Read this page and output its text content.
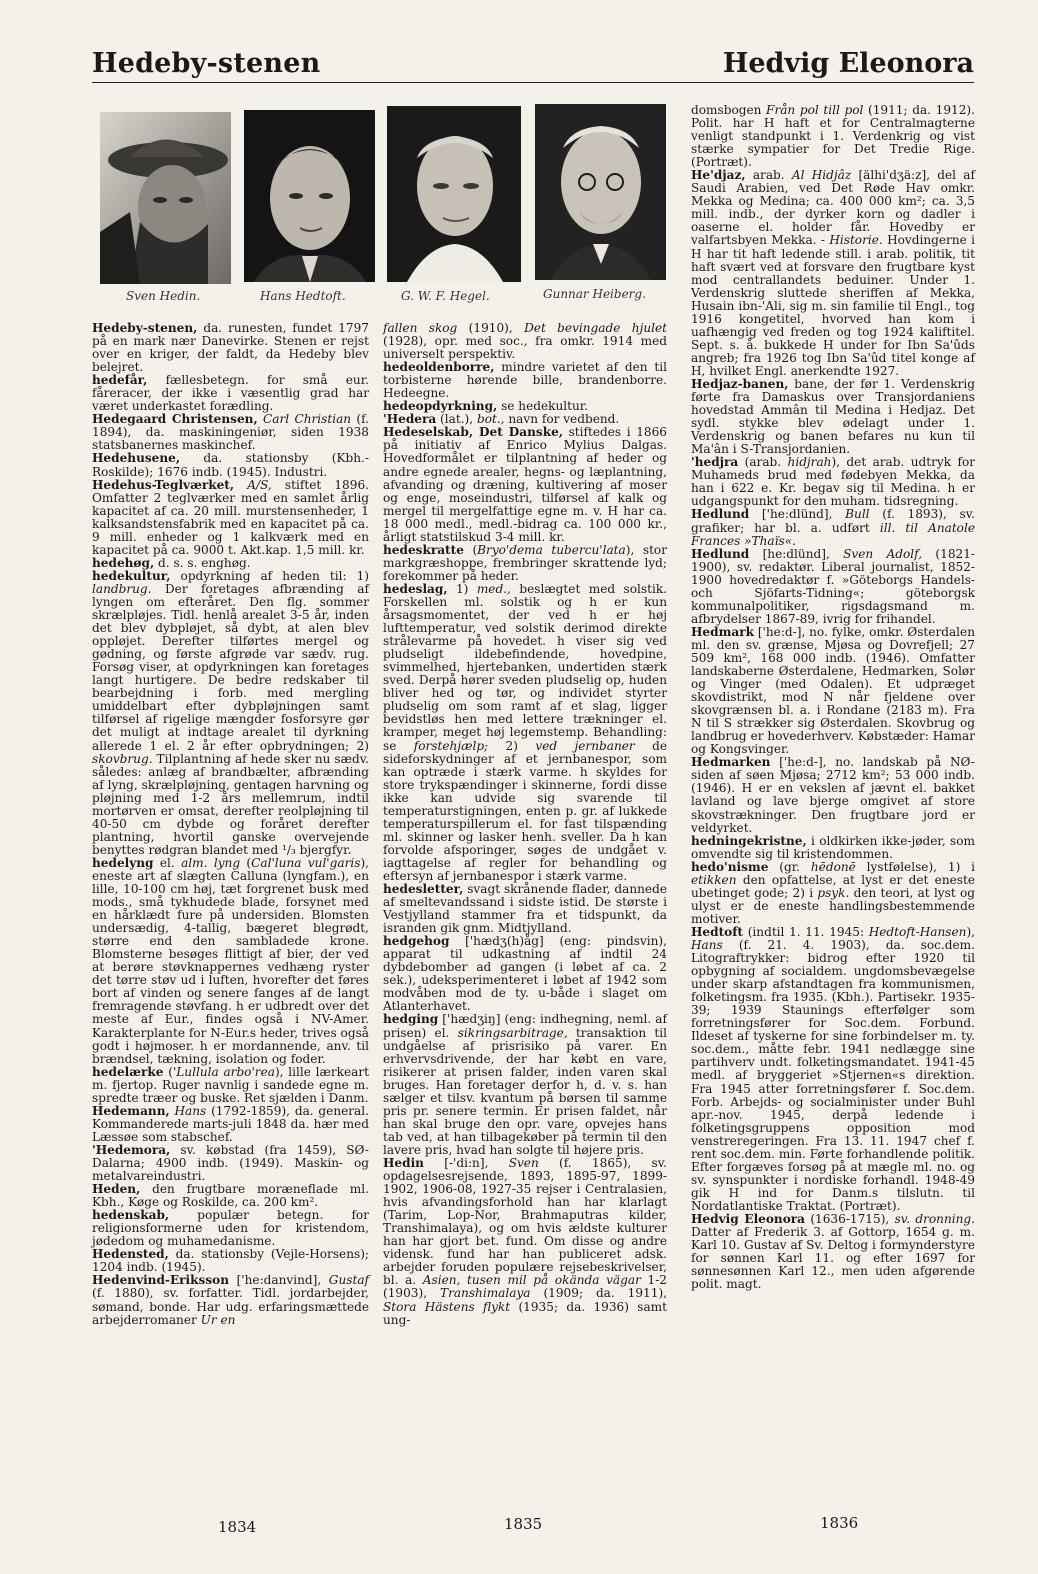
Hedeby-stenen	Hedvig Eleonora
Sven Hedin.	Hans Hedtoft.	G. W. F. Hegel.	Gunnar Heiberg.

Hedeby-stenen, da. runesten, fundet 1797 på en mark nær Danevirke. Stenen er rejst over en kriger, der faldt, da Hedeby blev belejret.

hedefår, fællesbetegn. for små eur. fåreracer, der ikke i væsentlig grad har været underkastet forædling.

Hedegaard Christensen, Carl Christian (f. 1894), da. maskiningeniør, siden 1938 statsbanernes maskinchef.

Hedehusene, da. stationsby (Kbh.-Roskilde); 1676 indb. (1945). Industri.

Hedehus-Teglværket, A/S, stiftet 1896. Omfatter 2 teglværker med en samlet årlig kapacitet af ca. 20 mill. murstensenheder, 1 kalksandstensfabrik med en kapacitet på ca. 9 mill. enheder og 1 kalkværk med en kapacitet på ca. 9000 t. Akt.kap. 1,5 mill. kr.

hedehøg, d. s. s. enghøg.

hedekultur, opdyrkning af heden til: 1) landbrug. Der foretages afbrænding af lyngen om efteråret. Den flg. sommer skrælpløjes. Tidl. henlå arealet 3-5 år, inden det blev dybpløjet, så dybt, at alen blev oppløjet. Derefter tilførtes mergel og gødning, og første afgrøde var sædv. rug. Forsøg viser, at opdyrkningen kan foretages langt hurtigere. De bedre redskaber til bearbejdning i forb. med mergling umiddelbart efter dybpløjningen samt tilførsel af rigelige mængder fosforsyre gør det muligt at indtage arealet til dyrkning allerede 1 el. 2 år efter opbrydningen; 2) skovbrug. Tilplantning af hede sker nu sædv. således: anlæg af brandbælter, afbrænding af lyng, skrælpløjning, gentagen harvning og pløjning med 1-2 års mellemrum, indtil mortørven er omsat, derefter reolpløjning til 40-50 cm dybde og foråret derefter plantning, hvortil ganske overvejende benyttes rødgran blandet med ¹/₃ bjergfyr.

hedelyng el. alm. lyng (Cal'luna vul'garis), eneste art af slægten Calluna (lyngfam.), en lille, 10-100 cm høj, tæt forgrenet busk med mods., små tykhudede blade, forsynet med en hårklædt fure på undersiden. Blomsten undersædig, 4-tallig, bægeret blegrødt, større end den sambladede krone. Blomsterne besøges flittigt af bier, der ved at berøre støvknappernes vedhæng ryster det tørre støv ud i luften, hvorefter det føres bort af vinden og senere fanges af de langt fremragende støvfang. h er udbredt over det meste af Eur., findes også i NV-Amer. Karakterplante for N-Eur.s heder, trives også godt i højmoser. h er mordannende, anv. til brændsel, tækning, isolation og foder.

hedelærke ('Lullula arbo'rea), lille lærkeart m. fjertop. Ruger navnlig i sandede egne m. spredte træer og buske. Ret sjælden i Danm.

Hedemann, Hans (1792-1859), da. general. Kommanderede marts-juli 1848 da. hær med Læssøe som stabschef.

'Hedemora, sv. købstad (fra 1459), SØ-Dalarna; 4900 indb. (1949). Maskin- og metalvareindustri.

Heden, den frugtbare moræneflade ml. Kbh., Køge og Roskilde, ca. 200 km².

hedenskab, populær betegn. for religionsformerne uden for kristendom, jødedom og muhamedanisme.

Hedensted, da. stationsby (Vejle-Horsens); 1204 indb. (1945).

Hedenvind-Eriksson ['he:danvind], Gustaf (f. 1880), sv. forfatter. Tidl. jordarbejder, sømand, bonde. Har udg. erfaringsmættede arbejderromaner Ur en

fallen skog (1910), Det bevingade hjulet (1928), opr. med soc., fra omkr. 1914 med universelt perspektiv.

hedeoldenborre, mindre varietet af den til torbisterne hørende bille, brandenborre. Hedeegne.

hedeopdyrkning, se hedekultur.

'Hedera (lat.), bot., navn for vedbend.

Hedeselskab, Det Danske, stiftedes i 1866 på initiativ af Enrico Mylius Dalgas. Hovedformålet er tilplantning af heder og andre egnede arealer, hegns- og læplantning, afvanding og dræning, kultivering af moser og enge, moseindustri, tilførsel af kalk og mergel til mergelfattige egne m. v. H har ca. 18 000 medl., medl.-bidrag ca. 100 000 kr., årligt statstilskud 3-4 mill. kr.

hedeskratte (Bryo'dema tubercu'lata), stor markgræshoppe, frembringer skrattende lyd; forekommer på heder.

hedeslag, 1) med., beslægtet med solstik. Forskellen ml. solstik og h er kun årsagsmomentet, der ved h er høj lufttemperatur, ved solstik derimod direkte strålevarme på hovedet. h viser sig ved pludseligt ildebefindende, hovedpine, svimmelhed, hjertebanken, undertiden stærk sved. Derpå hører sveden pludselig op, huden bliver hed og tør, og individet styrter pludselig om som ramt af et slag, ligger bevidstløs hen med lettere trækninger el. kramper, meget høj legemstemp. Behandling: se forstehjælp; 2) ved jernbaner de sideforskydninger af et jernbanespor, som kan optræde i stærk varme. h skyldes for store trykspændinger i skinnerne, fordi disse ikke kan udvide sig svarende til temperaturstigningen, enten p. gr. af lukkede temperaturspillerum el. for fast tilspænding ml. skinner og lasker henh. sveller. Da h kan forvolde afsporinger, søges de undgået v. iagttagelse af regler for behandling og eftersyn af jernbanespor i stærk varme.

hedesletter, svagt skrånende flader, dannede af smeltevandssand i sidste istid. De største i Vestjylland stammer fra et tidspunkt, da isranden gik gnm. Midtjylland.

hedgehog ['hædʒ(h)åg] (eng: pindsvin), apparat til udkastning af indtil 24 dybdebomber ad gangen (i løbet af ca. 2 sek.), udeksperimenteret i løbet af 1942 som modvåben mod de ty. u-både i slaget om Atlanterhavet.

hedging ['hædʒiŋ] (eng: indhegning, neml. af prisen) el. sikringsarbitrage, transaktion til undgåelse af prisrisiko på varer. En erhvervsdrivende, der har købt en vare, risikerer at prisen falder, inden varen skal bruges. Han foretager derfor h, d. v. s. han sælger et tilsv. kvantum på børsen til samme pris pr. senere termin. Er prisen faldet, når han skal bruge den opr. vare, opvejes hans tab ved, at han tilbagekøber på termin til den lavere pris, hvad han solgte til højere pris.

Hedin [-'di:n], Sven (f. 1865), sv. opdagelsesrejsende, 1893, 1895-97, 1899-1902, 1906-08, 1927-35 rejser i Centralasien, hvis afvandingsforhold han har klarlagt (Tarim, Lop-Nor, Brahmaputras kilder, Transhimalaya), og om hvis ældste kulturer han har gjort bet. fund. Om disse og andre vidensk. fund har han publiceret adsk. arbejder foruden populære rejsebeskrivelser, bl. a. Asien, tusen mil på okända vägar 1-2 (1903), Transhimalaya (1909; da. 1911), Stora Hästens flykt (1935; da. 1936) samt ung-

domsbogen Från pol till pol (1911; da. 1912). Polit. har H haft et for Centralmagterne venligt standpunkt i 1. Verdenkrig og vist stærke sympatier for Det Tredie Rige. (Portræt).

He'djaz, arab. Al Hidjâz [älhi'dʒä:z], del af Saudi Arabien, ved Det Røde Hav omkr. Mekka og Medina; ca. 400 000 km²; ca. 3,5 mill. indb., der dyrker korn og dadler i oaserne el. holder får. Hovedby er valfartsbyen Mekka. - Historie. Hovdingerne i H har tit haft ledende still. i arab. politik, tit haft svært ved at forsvare den frugtbare kyst mod centrallandets beduiner. Under 1. Verdenskrig sluttede sheriffen af Mekka, Husain ibn-'Ali, sig m. sin familie til Engl., tog 1916 kongetitel, hvorved han kom i uafhængig ved freden og tog 1924 kaliftitel. Sept. s. å. bukkede H under for Ibn Sa'ûds angreb; fra 1926 tog Ibn Sa'ûd titel konge af H, hvilket Engl. anerkendte 1927.

Hedjaz-banen, bane, der før 1. Verdenskrig førte fra Damaskus over Transjordaniens hovedstad Ammân til Medina i Hedjaz. Det sydl. stykke blev ødelagt under 1. Verdenskrig og banen befares nu kun til Ma'ân i S-Transjordanien.

'hedjra (arab. hidjrah), det arab. udtryk for Muhameds brud med fødebyen Mekka, da han i 622 e. Kr. begav sig til Medina. h er udgangspunkt for den muham. tidsregning.

Hedlund ['he:dlünd], Bull (f. 1893), sv. grafiker; har bl. a. udført ill. til Anatole Frances »Thaïs«.

Hedlund [he:dlünd], Sven Adolf, (1821-1900), sv. redaktør. Liberal journalist, 1852-1900 hovedredaktør f. »Göteborgs Handels- och Sjöfarts-Tidning«; göteborgsk kommunalpolitiker, rigsdagsmand m. afbrydelser 1867-89, ivrig for frihandel.

Hedmark ['he:d-], no. fylke, omkr. Østerdalen ml. den sv. grænse, Mjøsa og Dovrefjell; 27 509 km², 168 000 indb. (1946). Omfatter landskaberne Østerdalene, Hedmarken, Solør og Vinger (med Odalen). Et udpræget skovdistrikt, mod N når fjeldene over skovgrænsen bl. a. i Rondane (2183 m). Fra N til S strækker sig Østerdalen. Skovbrug og landbrug er hovederhverv. Købstæder: Hamar og Kongsvinger.

Hedmarken ['he:d-], no. landskab på NØ-siden af søen Mjøsa; 2712 km²; 53 000 indb. (1946). H er en vekslen af jævnt el. bakket lavland og lave bjerge omgivet af store skovstrækninger. Den frugtbare jord er veldyrket.

hedningekristne, i oldkirken ikke-jøder, som omvendte sig til kristendommen.

hedo'nisme (gr. hēdonē lystfølelse), 1) i etikken den opfattelse, at lyst er det eneste ubetinget gode; 2) i psyk. den teori, at lyst og ulyst er de eneste handlingsbestemmende motiver.

Hedtoft (indtil 1. 11. 1945: Hedtoft-Hansen), Hans (f. 21. 4. 1903), da. soc.dem. Litograftrykker: bidrog efter 1920 til opbygning af socialdem. ungdomsbevægelse under skarp afstandtagen fra kommunismen, folketingsm. fra 1935. (Kbh.). Partisekr. 1935-39; 1939 Staunings efterfølger som forretningsfører for Soc.dem. Forbund. Ildeset af tyskerne for sine forbindelser m. ty. soc.dem., måtte febr. 1941 nedlægge sine partihverv undt. folketingsmandatet. 1941-45 medl. af bryggeriet »Stjernen«s direktion. Fra 1945 atter forretningsfører f. Soc.dem. Forb. Arbejds- og socialminister under Buhl apr.-nov. 1945, derpå ledende i folketingsgruppens opposition mod venstreregeringen. Fra 13. 11. 1947 chef f. rent soc.dem. min. Førte forhandlende politik. Efter forgæves forsøg på at mægle ml. no. og sv. synspunkter i nordiske forhandl. 1948-49 gik H ind for Danm.s tilslutn. til Nordatlantiske Traktat. (Portræt).

Hedvig Eleonora (1636-1715), sv. dronning. Datter af Frederik 3. af Gottorp, 1654 g. m. Karl 10. Gustav af Sv. Deltog i formynderstyre for sønnen Karl 11. og efter 1697 for sønnesønnen Karl 12., men uden afgørende polit. magt.

1834	1835	1836
